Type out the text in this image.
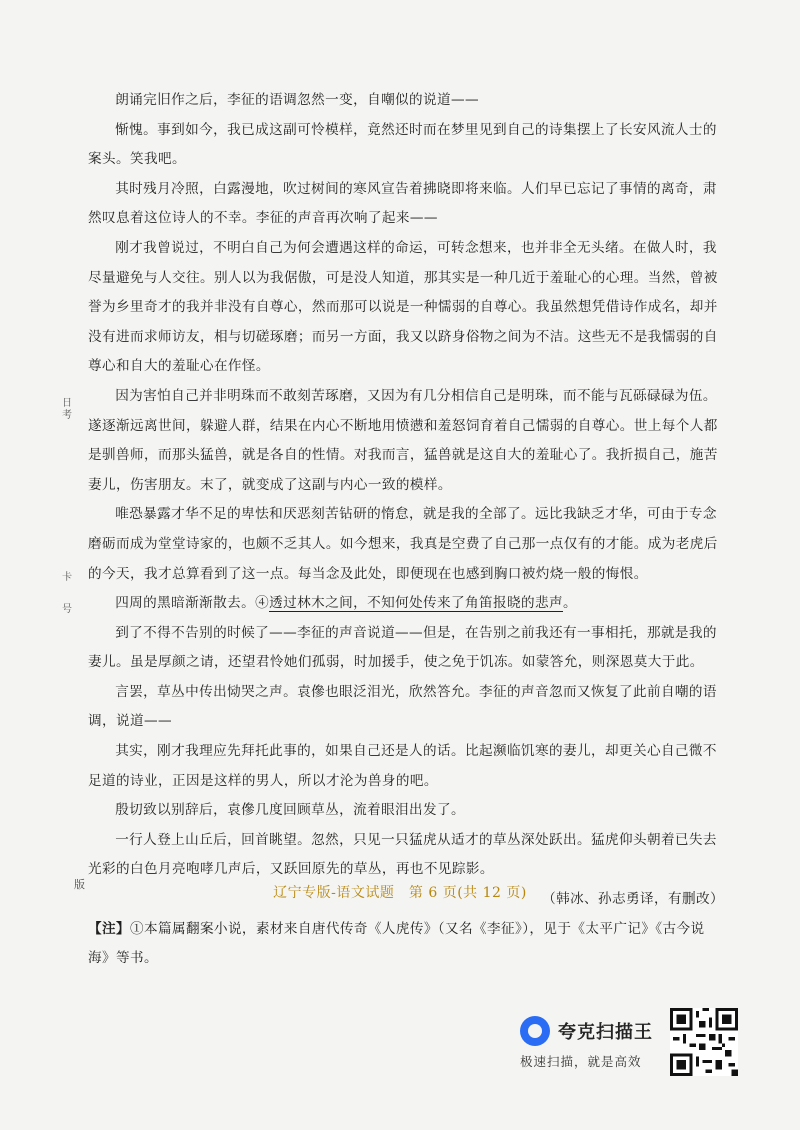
朗诵完旧作之后，李征的语调忽然一变，自嘲似的说道——

惭愧。事到如今，我已成这副可怜模样，竟然还时而在梦里见到自己的诗集摆上了长安风流人士的案头。笑我吧。

其时残月冷照，白露漫地，吹过树间的寒风宣告着拂晓即将来临。人们早已忘记了事情的离奇，肃然叹息着这位诗人的不幸。李征的声音再次响了起来——

刚才我曾说过，不明白自己为何会遭遇这样的命运，可转念想来，也并非全无头绪。在做人时，我尽量避免与人交往。别人以为我倨傲，可是没人知道，那其实是一种几近于羞耻心的心理。当然，曾被誉为乡里奇才的我并非没有自尊心，然而那可以说是一种懦弱的自尊心。我虽然想凭借诗作成名，却并没有进而求师访友，相与切磋琢磨；而另一方面，我又以跻身俗物之间为不洁。这些无不是我懦弱的自尊心和自大的羞耻心在作怪。

因为害怕自己并非明珠而不敢刻苦琢磨，又因为有几分相信自己是明珠，而不能与瓦砾碌碌为伍。遂逐渐远离世间，躲避人群，结果在内心不断地用愤懑和羞怒饲育着自己懦弱的自尊心。世上每个人都是驯兽师，而那头猛兽，就是各自的性情。对我而言，猛兽就是这自大的羞耻心了。我折损自己，施苦妻儿，伤害朋友。末了，就变成了这副与内心一致的模样。

唯恐暴露才华不足的卑怯和厌恶刻苦钻研的惰怠，就是我的全部了。远比我缺乏才华，可由于专念磨砺而成为堂堂诗家的，也颇不乏其人。如今想来，我真是空费了自己那一点仅有的才能。成为老虎后的今天，我才总算看到了这一点。每当念及此处，即便现在也感到胸口被灼烧一般的悔恨。

四周的黑暗渐渐散去。④透过林木之间，不知何处传来了角笛报晓的悲声。

到了不得不告别的时候了——李征的声音说道——但是，在告别之前我还有一事相托，那就是我的妻儿。虽是厚颜之请，还望君怜她们孤弱，时加援手，使之免于饥冻。如蒙答允，则深恩莫大于此。

言罢，草丛中传出恸哭之声。袁傪也眼泛泪光，欣然答允。李征的声音忽而又恢复了此前自嘲的语调，说道——

其实，刚才我理应先拜托此事的，如果自己还是人的话。比起濒临饥寒的妻儿，却更关心自己微不足道的诗业，正因是这样的男人，所以才沦为兽身的吧。

殷切致以别辞后，袁傪几度回顾草丛，流着眼泪出发了。

一行人登上山丘后，回首眺望。忽然，只见一只猛虎从适才的草丛深处跃出。猛虎仰头朝着已失去光彩的白色月亮咆哮几声后，又跃回原先的草丛，再也不见踪影。

（韩冰、孙志勇译，有删改）

【注】①本篇属翻案小说，素材来自唐代传奇《人虎传》（又名《李征》），见于《太平广记》《古今说海》等书。

日
考
卡
号
版
辽宁专版-语文试题　第 6 页(共 12 页)
夸克扫描王
极速扫描，就是高效
